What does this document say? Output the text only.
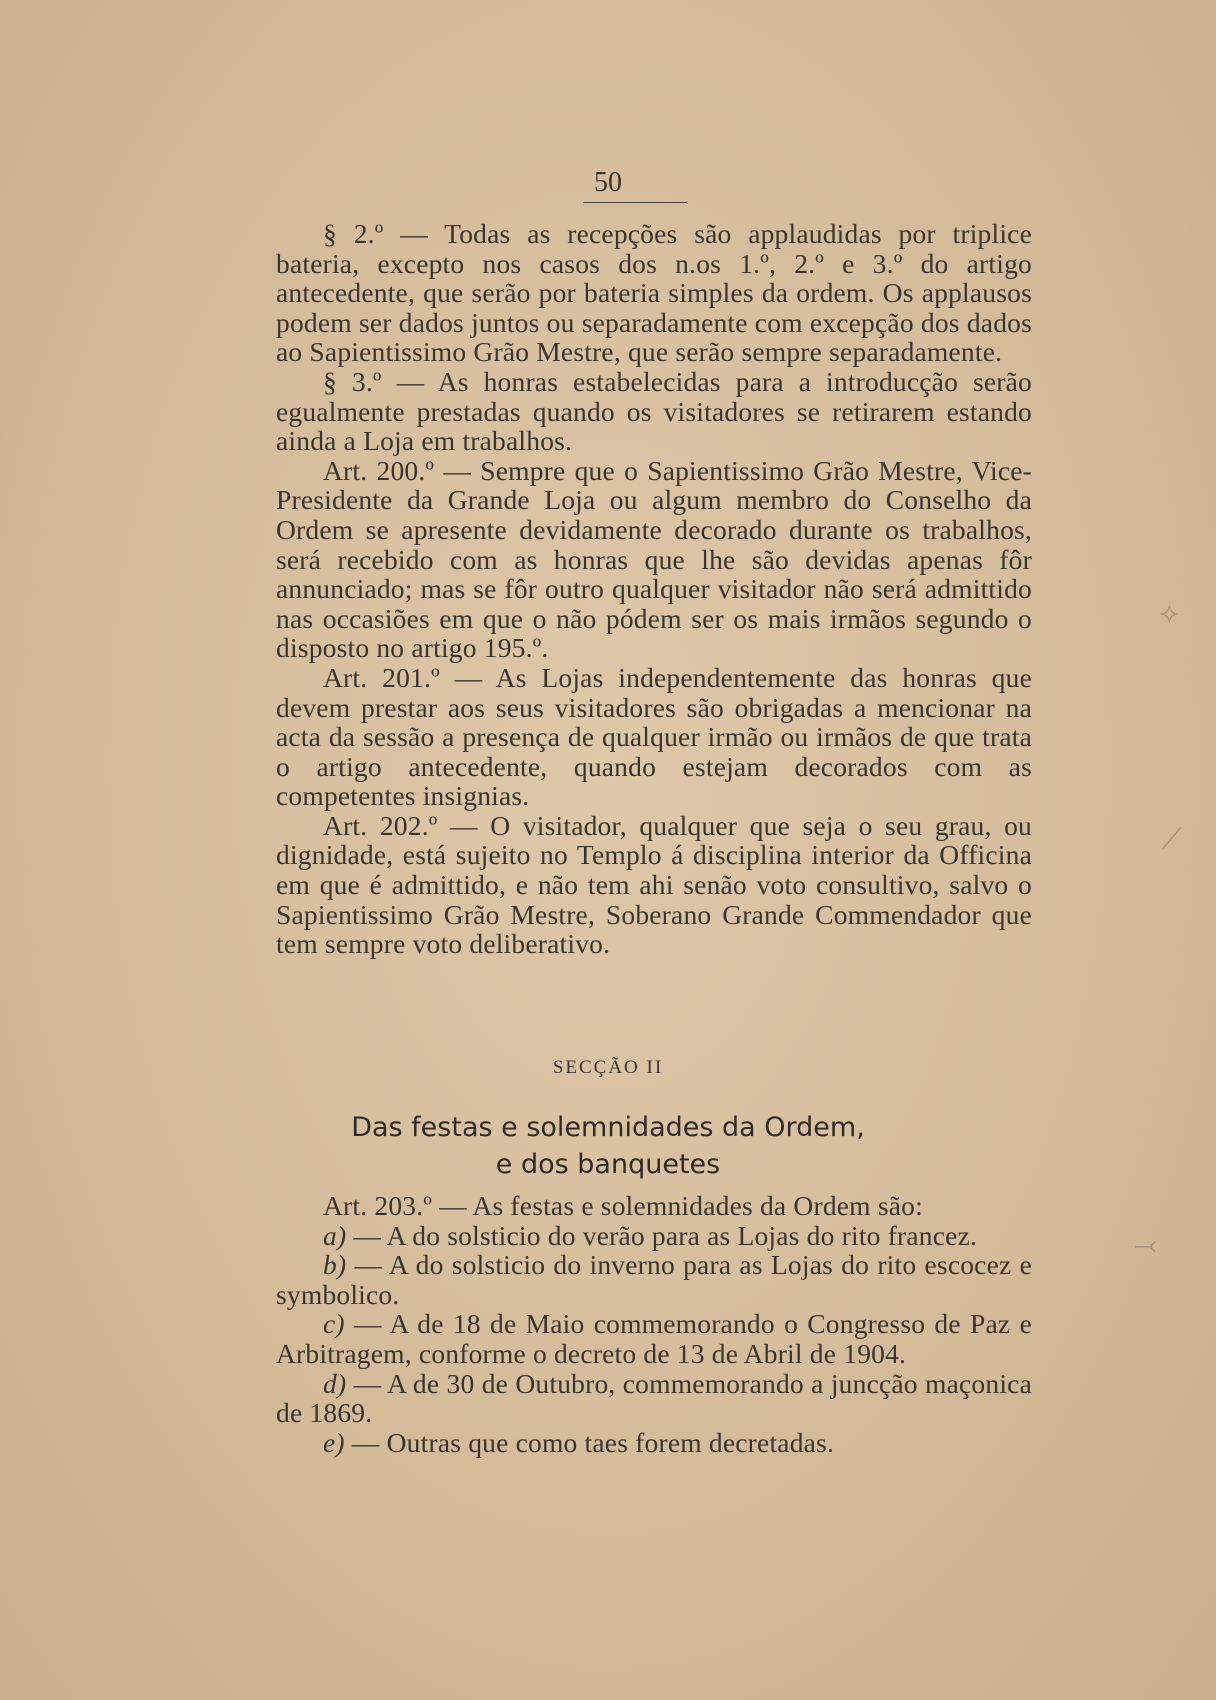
50

§ 2.º — Todas as recepções são applaudidas por triplice bateria, excepto nos casos dos n.os 1.º, 2.º e 3.º do artigo antecedente, que serão por bateria simples da ordem. Os applausos podem ser dados juntos ou separadamente com excepção dos dados ao Sapientissimo Grão Mestre, que serão sempre separadamente.

§ 3.º — As honras estabelecidas para a introducção serão egualmente prestadas quando os visitadores se retirarem estando ainda a Loja em trabalhos.

Art. 200.º — Sempre que o Sapientissimo Grão Mestre, Vice-Presidente da Grande Loja ou algum membro do Conselho da Ordem se apresente devidamente decorado durante os trabalhos, será recebido com as honras que lhe são devidas apenas fôr annunciado; mas se fôr outro qualquer visitador não será admittido nas occasiões em que o não pódem ser os mais irmãos segundo o disposto no artigo 195.º.

Art. 201.º — As Lojas independentemente das honras que devem prestar aos seus visitadores são obrigadas a mencionar na acta da sessão a presença de qualquer irmão ou irmãos de que trata o artigo antecedente, quando estejam decorados com as competentes insignias.

Art. 202.º — O visitador, qualquer que seja o seu grau, ou dignidade, está sujeito no Templo á disciplina interior da Officina em que é admittido, e não tem ahi senão voto consultivo, salvo o Sapientissimo Grão Mestre, Soberano Grande Commendador que tem sempre voto deliberativo.

SECÇÃO II
Das festas e solemnidades da Ordem,
e dos banquetes

Art. 203.º — As festas e solemnidades da Ordem são:

a) — A do solsticio do verão para as Lojas do rito francez.

b) — A do solsticio do inverno para as Lojas do rito escocez e symbolico.

c) — A de 18 de Maio commemorando o Congresso de Paz e Arbitragem, conforme o decreto de 13 de Abril de 1904.

d) — A de 30 de Outubro, commemorando a juncção maçonica de 1869.

e) — Outras que como taes forem decretadas.

⟡
⟋
⤙
